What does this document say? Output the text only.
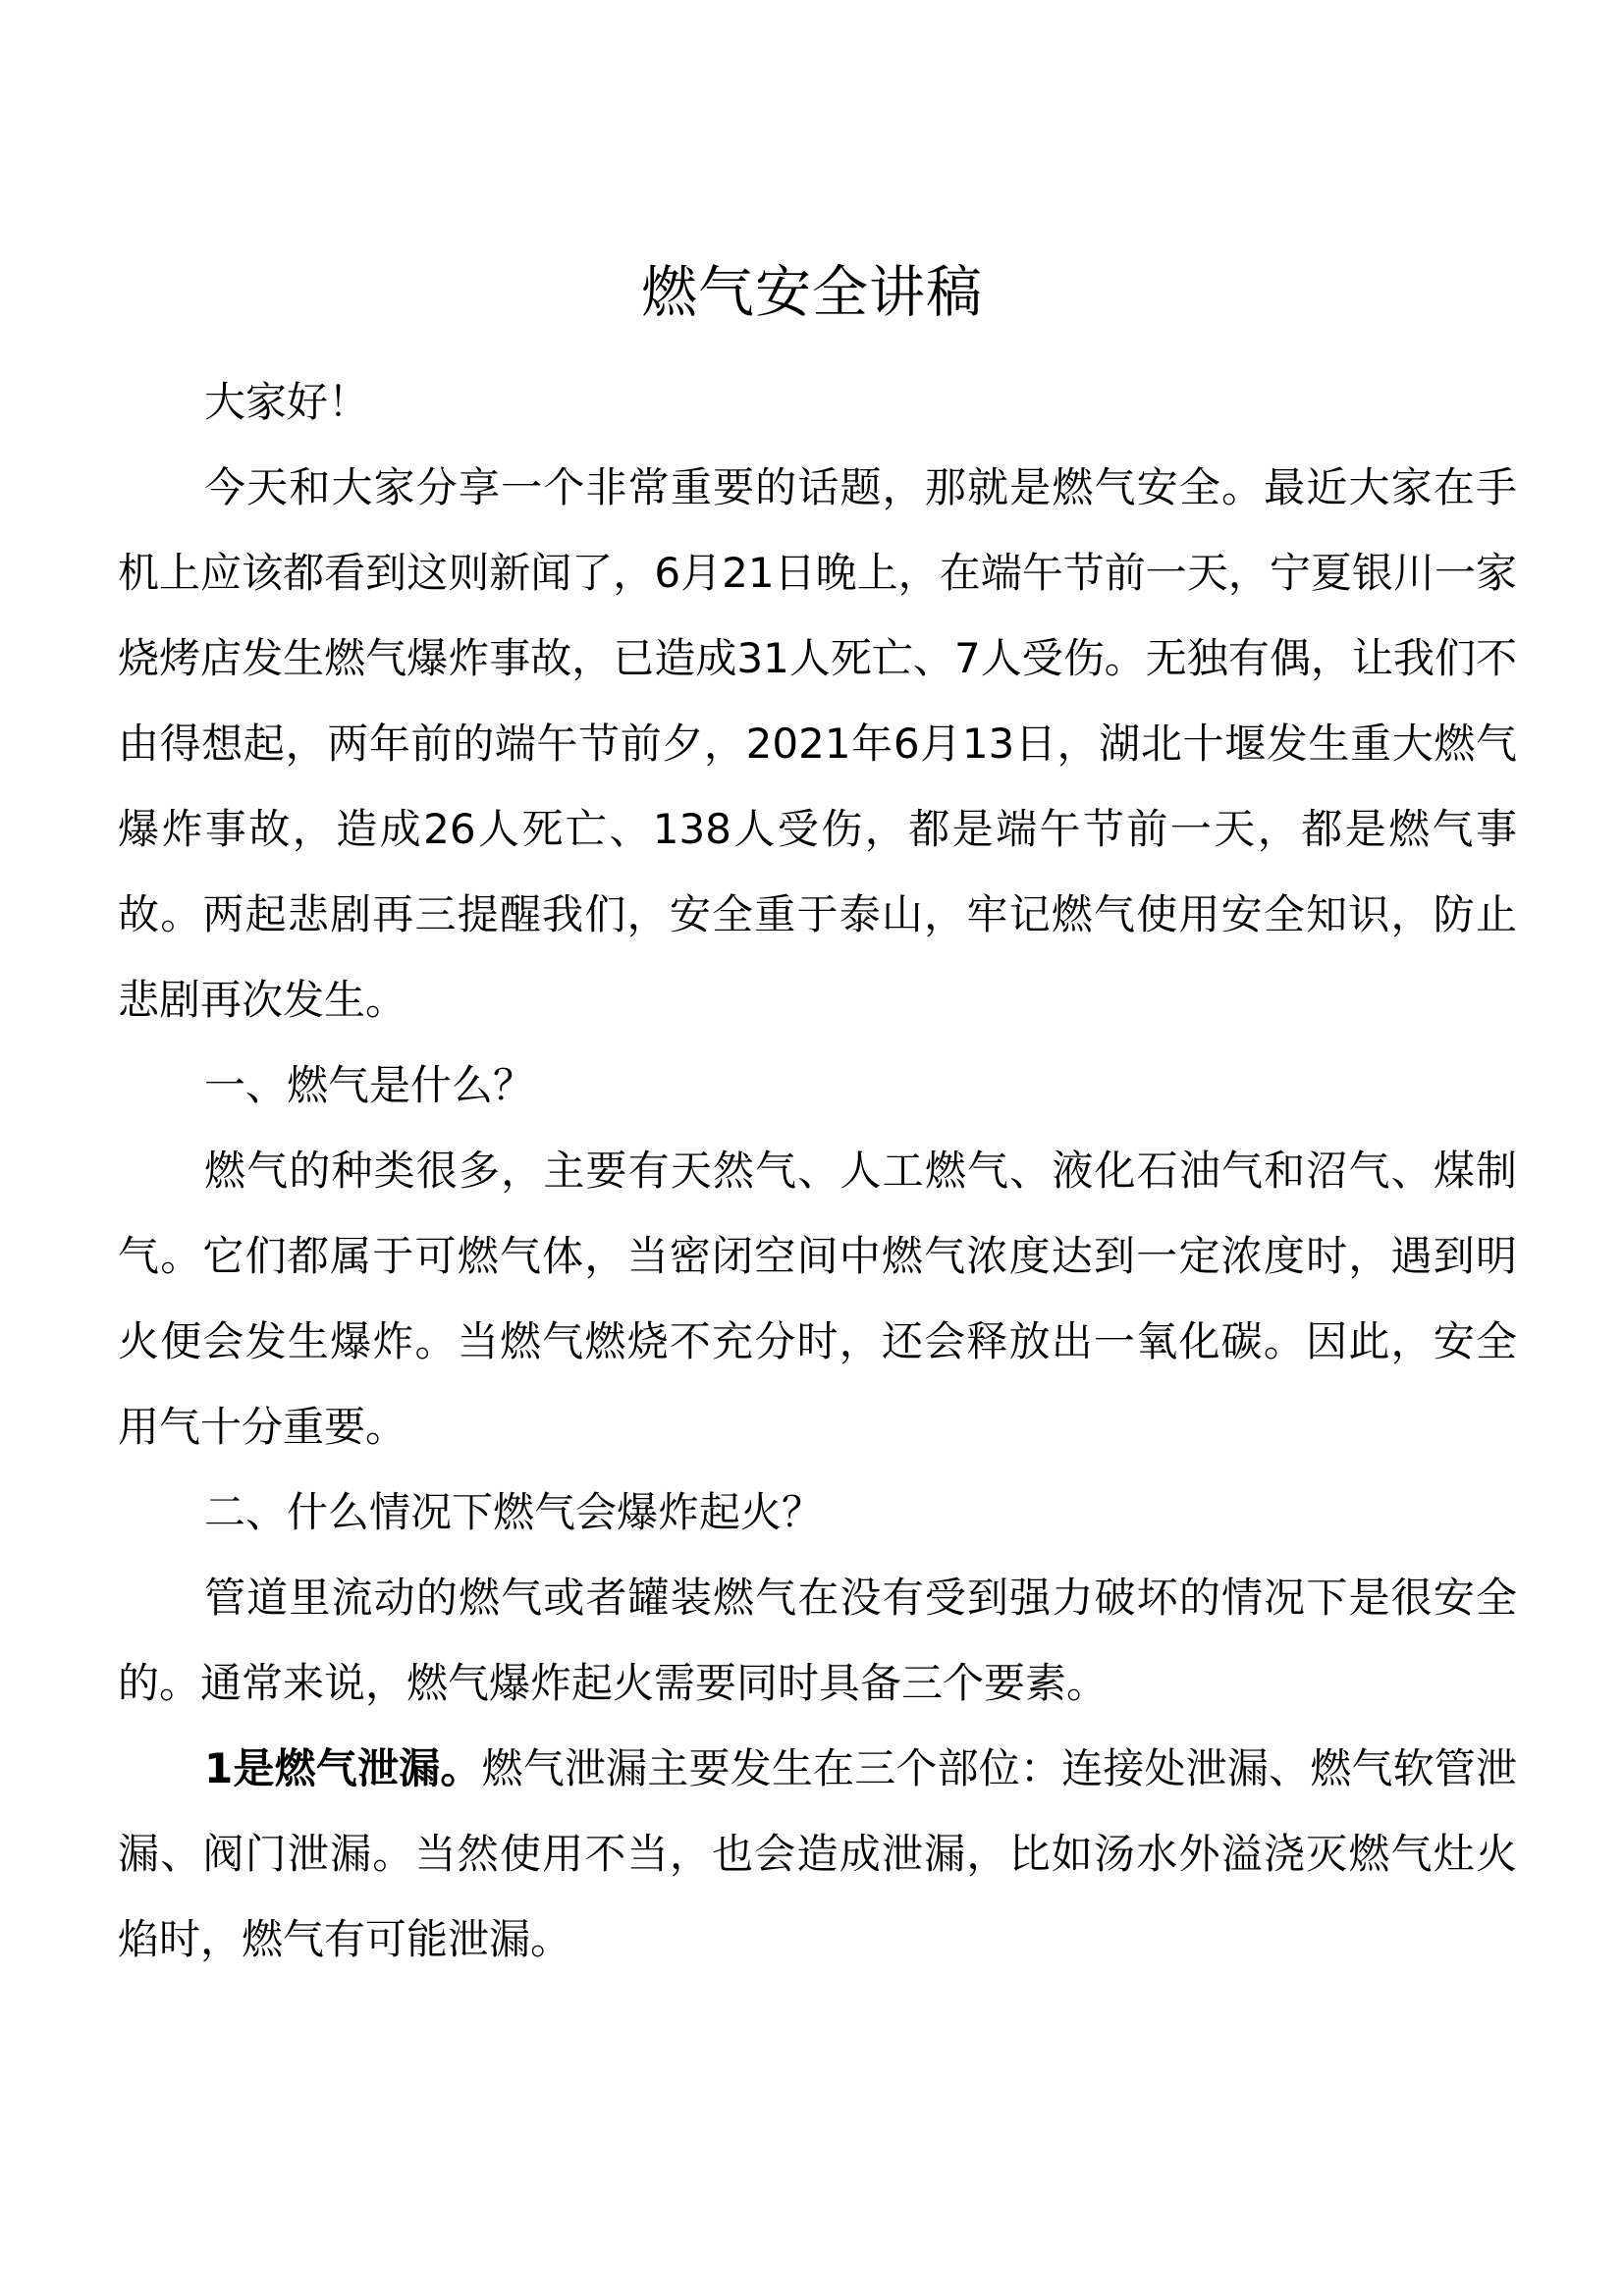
燃气安全讲稿

大家好！

今天和大家分享一个非常重要的话题，那就是燃气安全。最近大家在手机上应该都看到这则新闻了，6月21日晚上，在端午节前一天，宁夏银川一家烧烤店发生燃气爆炸事故，已造成31人死亡、7人受伤。无独有偶，让我们不由得想起，两年前的端午节前夕，2021年6月13日，湖北十堰发生重大燃气爆炸事故，造成26人死亡、138人受伤，都是端午节前一天，都是燃气事故。两起悲剧再三提醒我们，安全重于泰山，牢记燃气使用安全知识，防止悲剧再次发生。

一、燃气是什么？

燃气的种类很多，主要有天然气、人工燃气、液化石油气和沼气、煤制气。它们都属于可燃气体，当密闭空间中燃气浓度达到一定浓度时，遇到明火便会发生爆炸。当燃气燃烧不充分时，还会释放出一氧化碳。因此，安全用气十分重要。

二、什么情况下燃气会爆炸起火？

管道里流动的燃气或者罐装燃气在没有受到强力破坏的情况下是很安全的。通常来说，燃气爆炸起火需要同时具备三个要素。

1是燃气泄漏。燃气泄漏主要发生在三个部位：连接处泄漏、燃气软管泄漏、阀门泄漏。当然使用不当，也会造成泄漏，比如汤水外溢浇灭燃气灶火焰时，燃气有可能泄漏。
